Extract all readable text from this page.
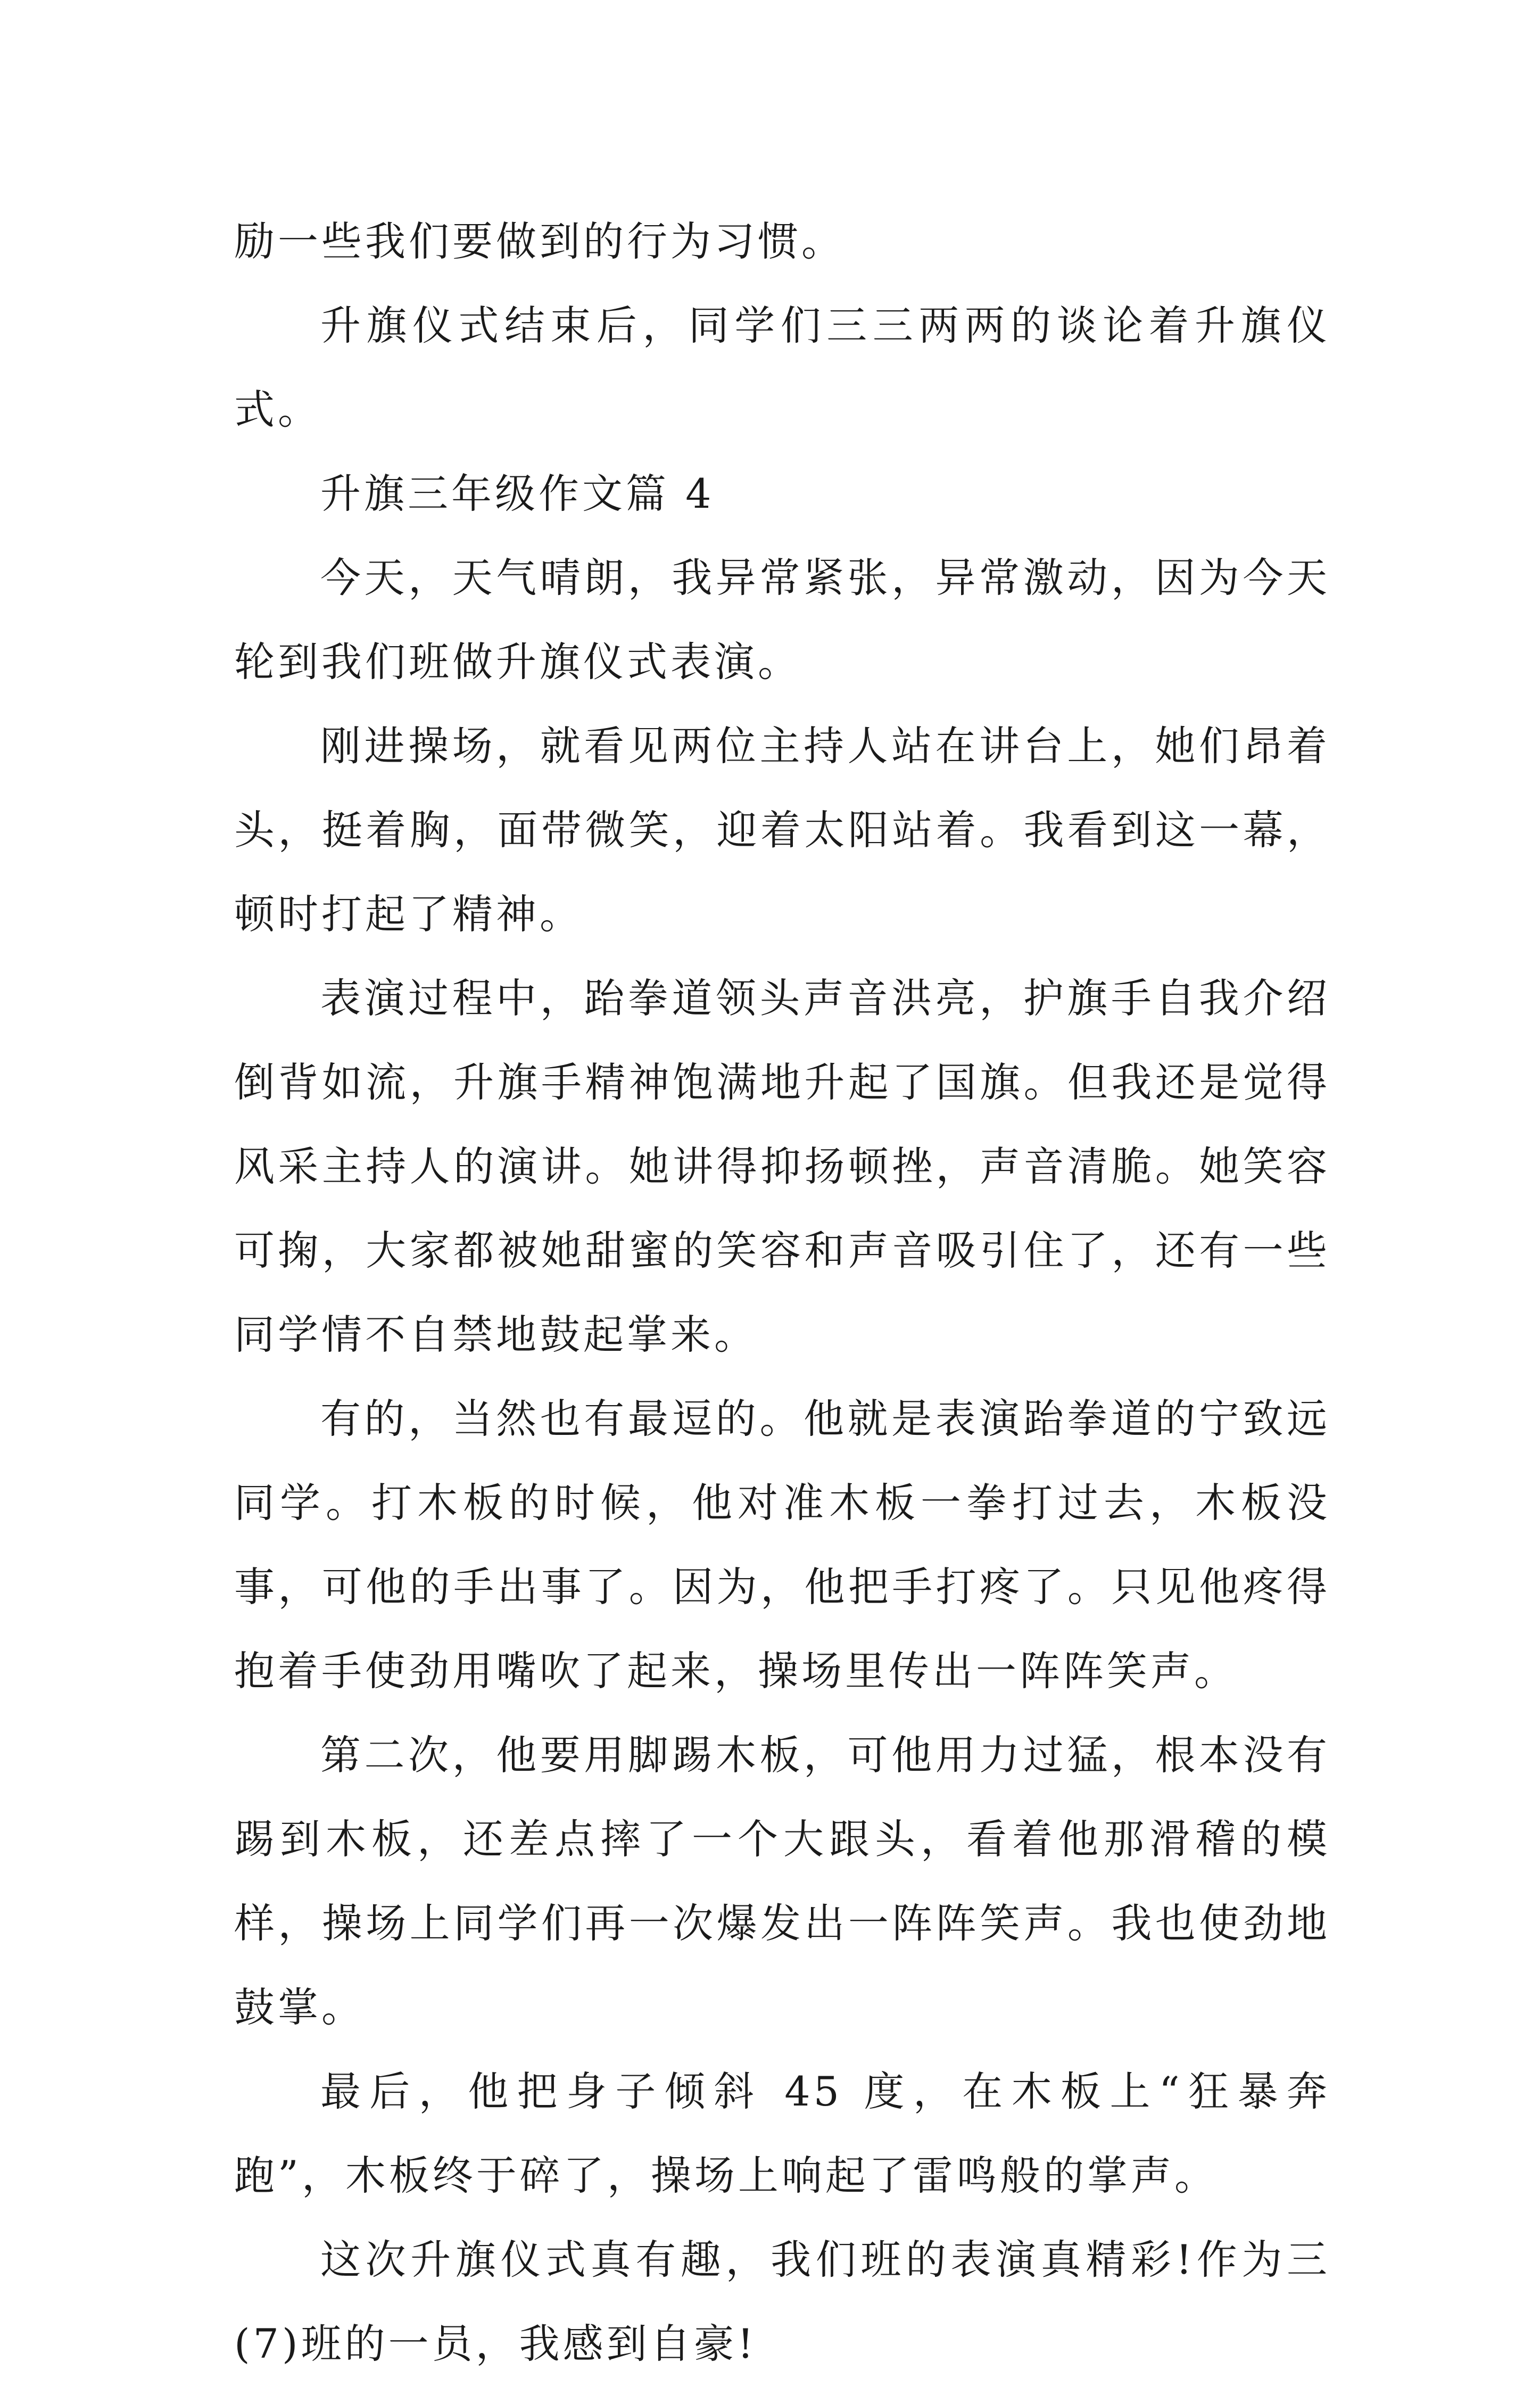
励一些我们要做到的行为习惯。

升旗仪式结束后，同学们三三两两的谈论着升旗仪式。

升旗三年级作文篇 4

今天，天气晴朗，我异常紧张，异常激动，因为今天轮到我们班做升旗仪式表演。

刚进操场，就看见两位主持人站在讲台上，她们昂着头，挺着胸，面带微笑，迎着太阳站着。我看到这一幕，顿时打起了精神。

表演过程中，跆拳道领头声音洪亮，护旗手自我介绍倒背如流，升旗手精神饱满地升起了国旗。但我还是觉得风采主持人的演讲。她讲得抑扬顿挫，声音清脆。她笑容可掬，大家都被她甜蜜的笑容和声音吸引住了，还有一些同学情不自禁地鼓起掌来。

有的，当然也有最逗的。他就是表演跆拳道的宁致远同学。打木板的时候，他对准木板一拳打过去，木板没事，可他的手出事了。因为，他把手打疼了。只见他疼得抱着手使劲用嘴吹了起来，操场里传出一阵阵笑声。

第二次，他要用脚踢木板，可他用力过猛，根本没有踢到木板，还差点摔了一个大跟头，看着他那滑稽的模样，操场上同学们再一次爆发出一阵阵笑声。我也使劲地鼓掌。

最后，他把身子倾斜 45 度，在木板上“狂暴奔跑”，木板终于碎了，操场上响起了雷鸣般的掌声。

这次升旗仪式真有趣，我们班的表演真精彩!作为三(7)班的一员，我感到自豪!
